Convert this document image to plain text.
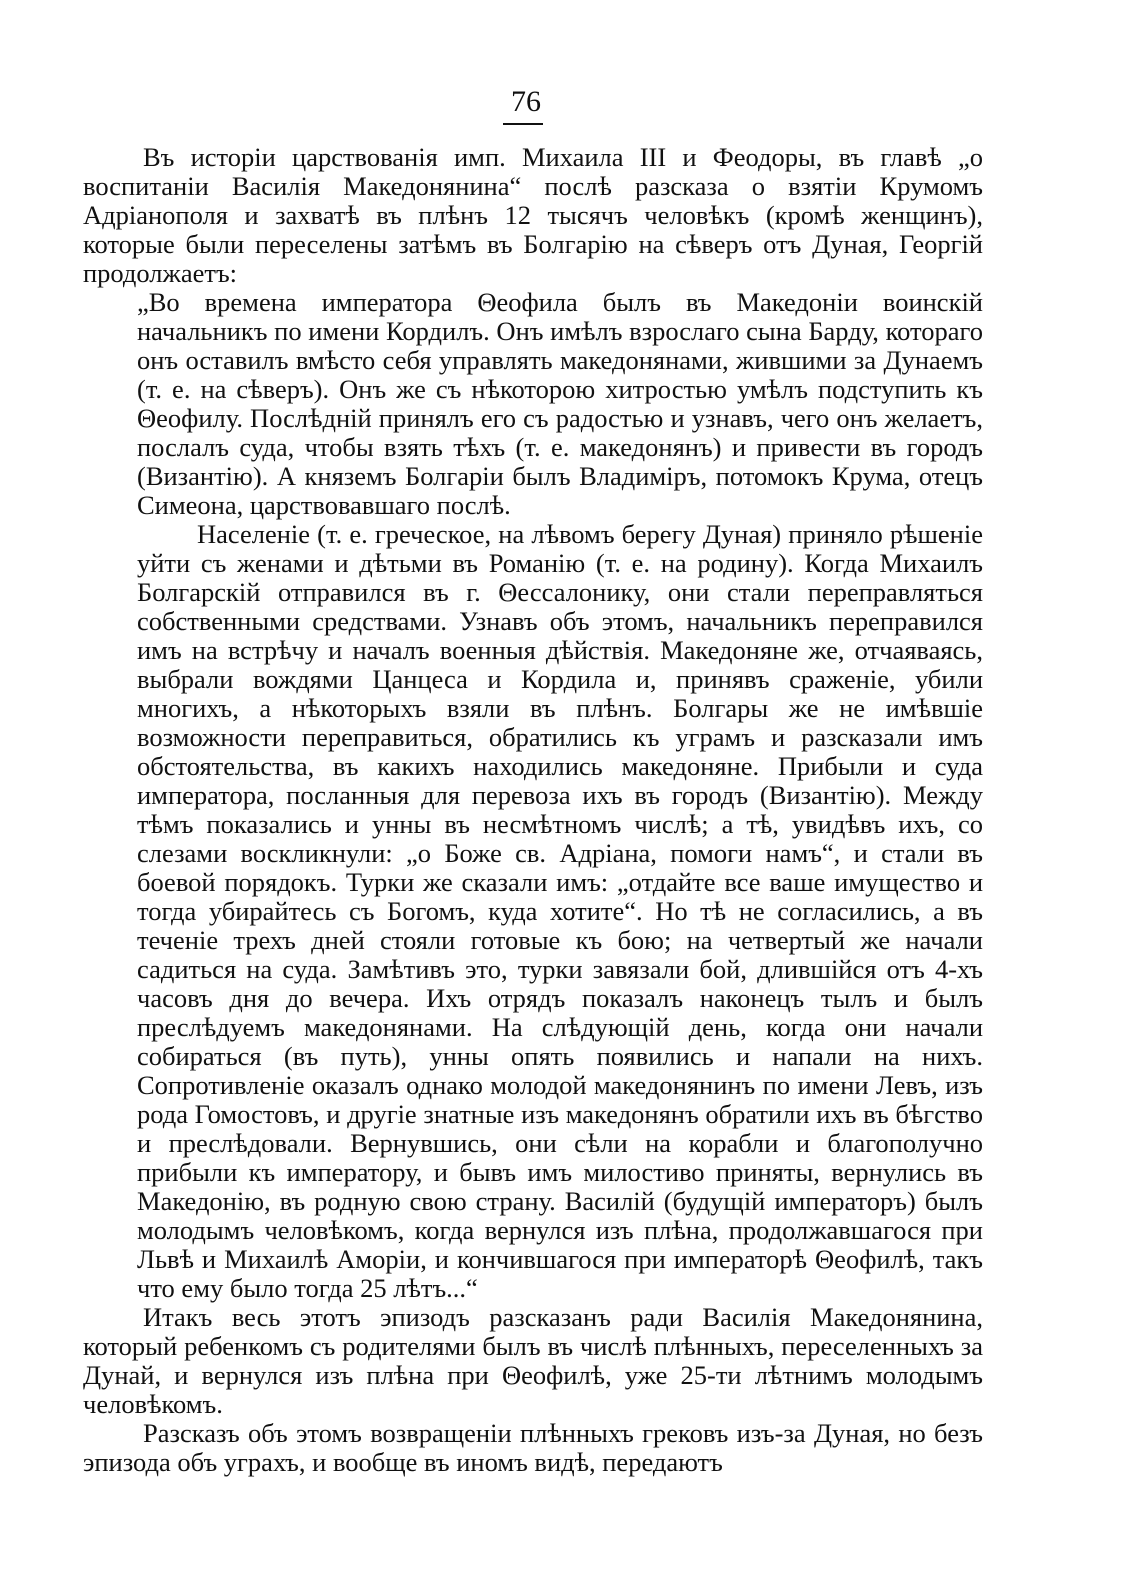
76

Въ исторіи царствованія имп. Михаила III и Феодоры, въ главѣ „о воспитаніи Василія Македонянина“ послѣ разсказа о взятіи Крумомъ Адріанополя и захватѣ въ плѣнъ 12 тысячъ человѣкъ (кромѣ женщинъ), которые были переселены затѣмъ въ Болгарію на сѣверъ отъ Дуная, Георгій продолжаетъ:

„Во времена императора Θеофила былъ въ Македоніи воинскій начальникъ по имени Кордилъ. Онъ имѣлъ взрослаго сына Барду, котораго онъ оставилъ вмѣсто себя управлять македонянами, жившими за Дунаемъ (т. е. на сѣверъ). Онъ же съ нѣкоторою хитростью умѣлъ подступить къ Θеофилу. Послѣдній принялъ его съ радостью и узнавъ, чего онъ желаетъ, послалъ суда, чтобы взять тѣхъ (т. е. македонянъ) и привести въ городъ (Византію). А княземъ Болгаріи былъ Владиміръ, потомокъ Крума, отецъ Симеона, царствовавшаго послѣ.

Населеніе (т. е. греческое, на лѣвомъ берегу Дуная) приняло рѣшеніе уйти съ женами и дѣтьми въ Романію (т. е. на родину). Когда Михаилъ Болгарскій отправился въ г. Θессалонику, они стали переправляться собственными средствами. Узнавъ объ этомъ, начальникъ переправился имъ на встрѣчу и началъ военныя дѣйствія. Македоняне же, отчаяваясь, выбрали вождями Цанцеса и Кордила и, принявъ сраженіе, убили многихъ, а нѣкоторыхъ взяли въ плѣнъ. Болгары же не имѣвшіе возможности переправиться, обратились къ уграмъ и разсказали имъ обстоятельства, въ какихъ находились македоняне. Прибыли и суда императора, посланныя для перевоза ихъ въ городъ (Византію). Между тѣмъ показались и унны въ несмѣтномъ числѣ; а тѣ, увидѣвъ ихъ, со слезами воскликнули: „о Боже св. Адріана, помоги намъ“, и стали въ боевой порядокъ. Турки же сказали имъ: „отдайте все ваше имущество и тогда убирайтесь съ Богомъ, куда хотите“. Но тѣ не согласились, а въ теченіе трехъ дней стояли готовые къ бою; на четвертый же начали садиться на суда. Замѣтивъ это, турки завязали бой, длившійся отъ 4-хъ часовъ дня до вечера. Ихъ отрядъ показалъ наконецъ тылъ и былъ преслѣдуемъ македонянами. На слѣдующій день, когда они начали собираться (въ путь), унны опять появились и напали на нихъ. Сопротивленіе оказалъ однако молодой македонянинъ по имени Левъ, изъ рода Гомостовъ, и другіе знатные изъ македонянъ обратили ихъ въ бѣгство и преслѣдовали. Вернувшись, они сѣли на корабли и благополучно прибыли къ императору, и бывъ имъ милостиво приняты, вернулись въ Македонію, въ родную свою страну. Василій (будущій императоръ) былъ молодымъ человѣкомъ, когда вернулся изъ плѣна, продолжавшагося при Львѣ и Михаилѣ Аморіи, и кончившагося при императорѣ Θеофилѣ, такъ что ему было тогда 25 лѣтъ...“

Итакъ весь этотъ эпизодъ разсказанъ ради Василія Македонянина, который ребенкомъ съ родителями былъ въ числѣ плѣнныхъ, переселенныхъ за Дунай, и вернулся изъ плѣна при Θеофилѣ, уже 25-ти лѣтнимъ молодымъ человѣкомъ.

Разсказъ объ этомъ возвращеніи плѣнныхъ грековъ изъ-за Дуная, но безъ эпизода объ уграхъ, и вообще въ иномъ видѣ, передаютъ
